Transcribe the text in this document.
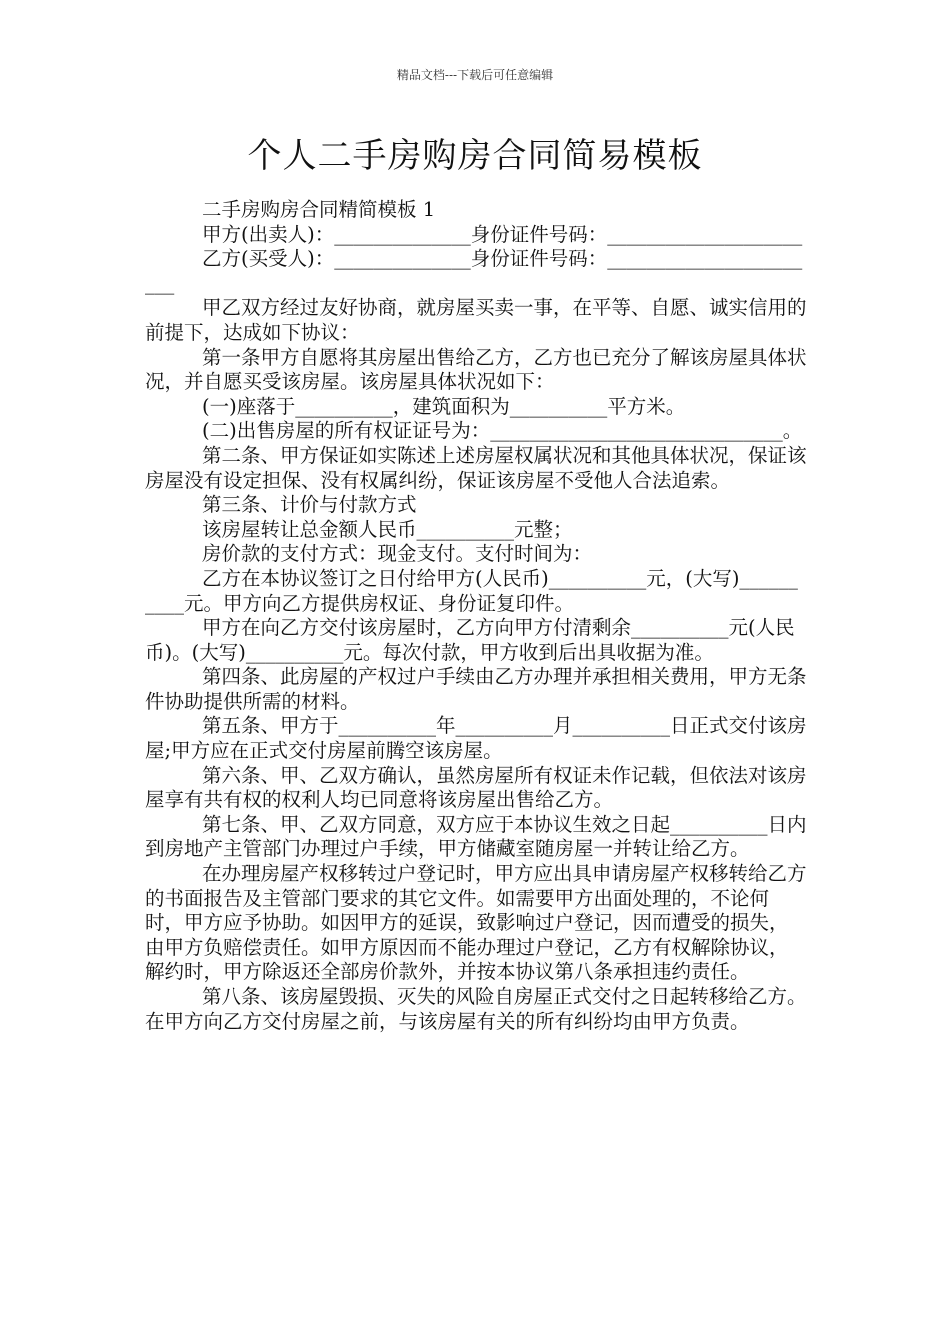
精品文档---下载后可任意编辑
个人二手房购房合同简易模板

二手房购房合同精简模板 1

甲方(出卖人)：______________身份证件号码：____________________

乙方(买受人)：______________身份证件号码：_______________________

甲乙双方经过友好协商，就房屋买卖一事，在平等、自愿、诚实信用的前提下，达成如下协议：

第一条甲方自愿将其房屋出售给乙方，乙方也已充分了解该房屋具体状况，并自愿买受该房屋。该房屋具体状况如下：

(一)座落于__________，建筑面积为__________平方米。

(二)出售房屋的所有权证证号为：______________________________。

第二条、甲方保证如实陈述上述房屋权属状况和其他具体状况，保证该房屋没有设定担保、没有权属纠纷，保证该房屋不受他人合法追索。

第三条、计价与付款方式

该房屋转让总金额人民币__________元整；

房价款的支付方式：现金支付。支付时间为：

乙方在本协议签订之日付给甲方(人民币)__________元，(大写)__________元。甲方向乙方提供房权证、身份证复印件。

甲方在向乙方交付该房屋时，乙方向甲方付清剩余__________元(人民币)。(大写)__________元。每次付款，甲方收到后出具收据为准。

第四条、此房屋的产权过户手续由乙方办理并承担相关费用，甲方无条件协助提供所需的材料。

第五条、甲方于__________年__________月__________日正式交付该房屋;甲方应在正式交付房屋前腾空该房屋。

第六条、甲、乙双方确认，虽然房屋所有权证未作记载，但依法对该房屋享有共有权的权利人均已同意将该房屋出售给乙方。

第七条、甲、乙双方同意，双方应于本协议生效之日起__________日内到房地产主管部门办理过户手续，甲方储藏室随房屋一并转让给乙方。

在办理房屋产权移转过户登记时，甲方应出具申请房屋产权移转给乙方的书面报告及主管部门要求的其它文件。如需要甲方出面处理的，不论何时，甲方应予协助。如因甲方的延误，致影响过户登记，因而遭受的损失，由甲方负赔偿责任。如甲方原因而不能办理过户登记，乙方有权解除协议，解约时，甲方除返还全部房价款外，并按本协议第八条承担违约责任。

第八条、该房屋毁损、灭失的风险自房屋正式交付之日起转移给乙方。在甲方向乙方交付房屋之前，与该房屋有关的所有纠纷均由甲方负责。
